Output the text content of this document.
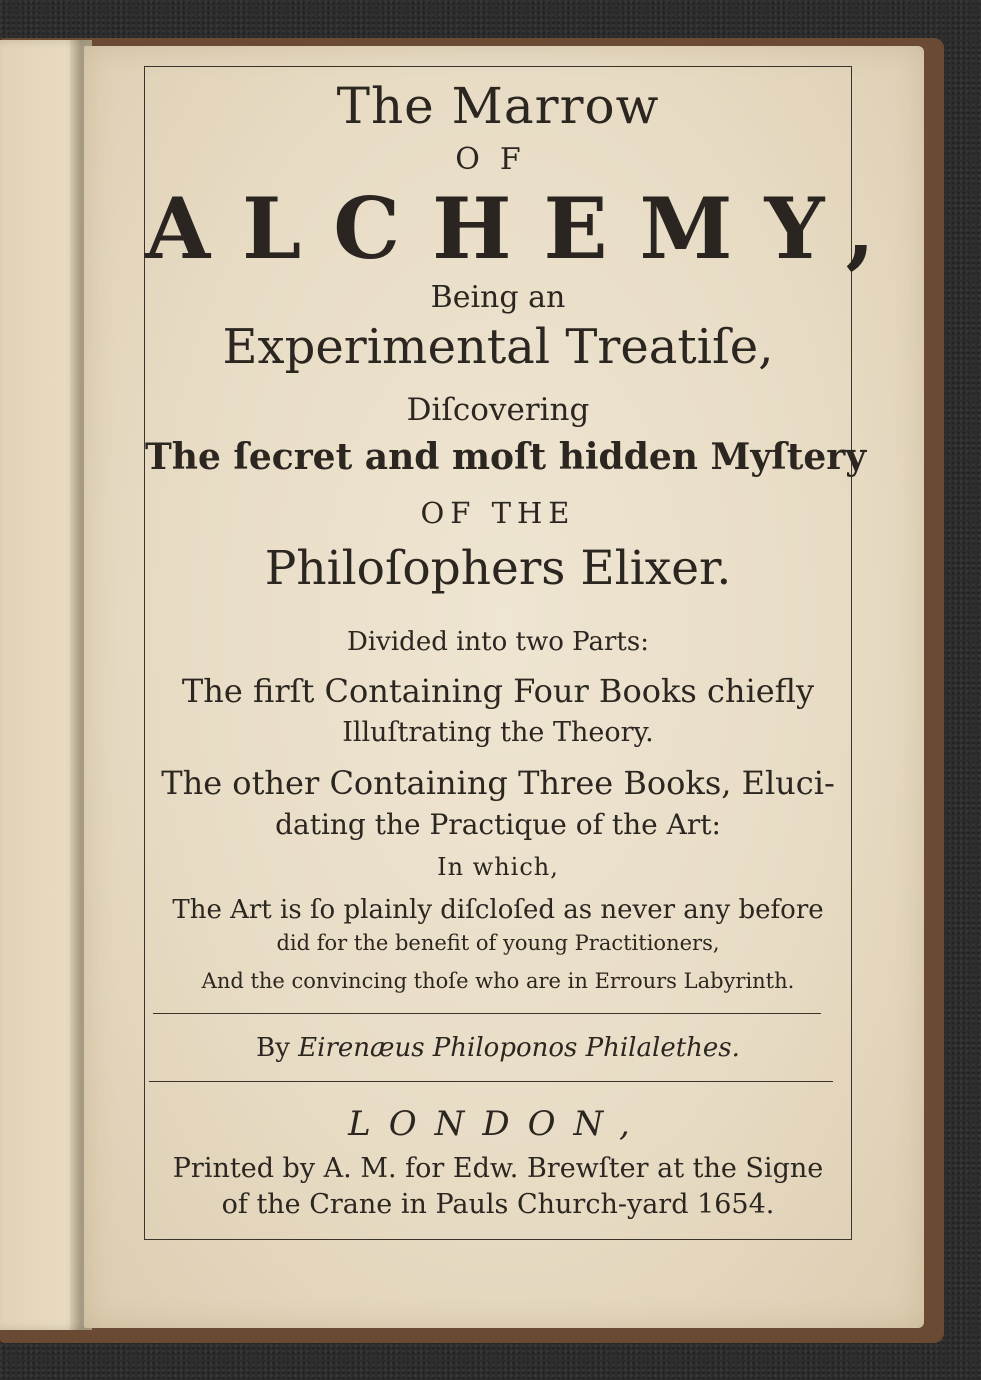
The Marrow
OF
ALCHEMY,
Being an
Experimental Treatiſe,
Diſcovering
The ſecret and moſt hidden Myſtery
OF THE
Philoſophers Elixer.
Divided into two Parts:
The firſt Containing Four Books chiefly
Illuſtrating the Theory.
The other Containing Three Books, Eluci-
dating the Practique of the Art:
In which,
The Art is ſo plainly diſcloſed as never any before
did for the benefit of young Practitioners,
And the convincing thoſe who are in Errours Labyrinth.
By Eirenæus Philoponos Philalethes.
LONDON,
Printed by A. M. for Edw. Brewſter at the Signe
of the Crane in Pauls Church-yard 1654.
